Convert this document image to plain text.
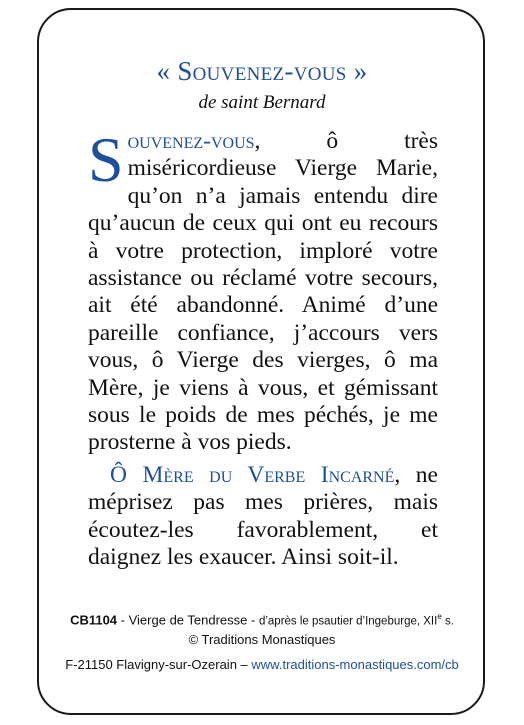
« Souvenez-vous »
de saint Bernard

Souvenez-vous, ô très miséricordieuse Vierge Marie, qu’on n’a jamais entendu dire qu’aucun de ceux qui ont eu recours à votre protection, imploré votre assistance ou réclamé votre secours, ait été abandonné. Animé d’une pareille confiance, j’accours vers vous, ô Vierge des vierges, ô ma Mère, je viens à vous, et gémissant sous le poids de mes péchés, je me prosterne à vos pieds.

Ô Mère du Verbe Incarné, ne méprisez pas mes prières, mais écoutez-les favorablement, et daignez les exaucer. Ainsi soit-il.

CB1104 - Vierge de Tendresse - d’après le psautier d’Ingeburge, XIIe s.
© Traditions Monastiques
F-21150 Flavigny-sur-Ozerain – www.traditions-monastiques.com/cb
